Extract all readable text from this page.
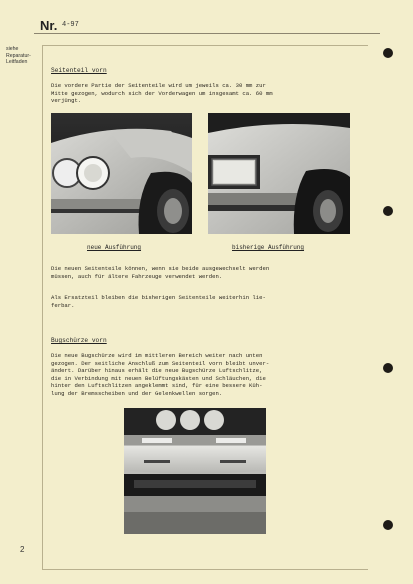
Nr. 4-97
siehe
Reparatur-
Leitfaden
Seitenteil vorn
Die vordere Partie der Seitenteile wird um jeweils ca. 30 mm zur
Mitte gezogen, wodurch sich der Vorderwagen um insgesamt ca. 60 mm
verjüngt.
neue Ausführung	bisherige Ausführung
Die neuen Seitenteile können, wenn sie beide ausgewechselt werden
müssen, auch für ältere Fahrzeuge verwendet werden.
Als Ersatzteil bleiben die bisherigen Seitenteile weiterhin lie-
ferbar.
Bugschürze vorn
Die neue Bugschürze wird im mittleren Bereich weiter nach unten
gezogen. Der seitliche Anschluß zum Seitenteil vorn bleibt unver-
ändert. Darüber hinaus erhält die neue Bugschürze Luftschlitze,
die in Verbindung mit neuen Belüftungskästen und Schläuchen, die
hinter den Luftschlitzen angeklemmt sind, für eine bessere Küh-
lung der Bremsscheiben und der Gelenkwellen sorgen.
2
